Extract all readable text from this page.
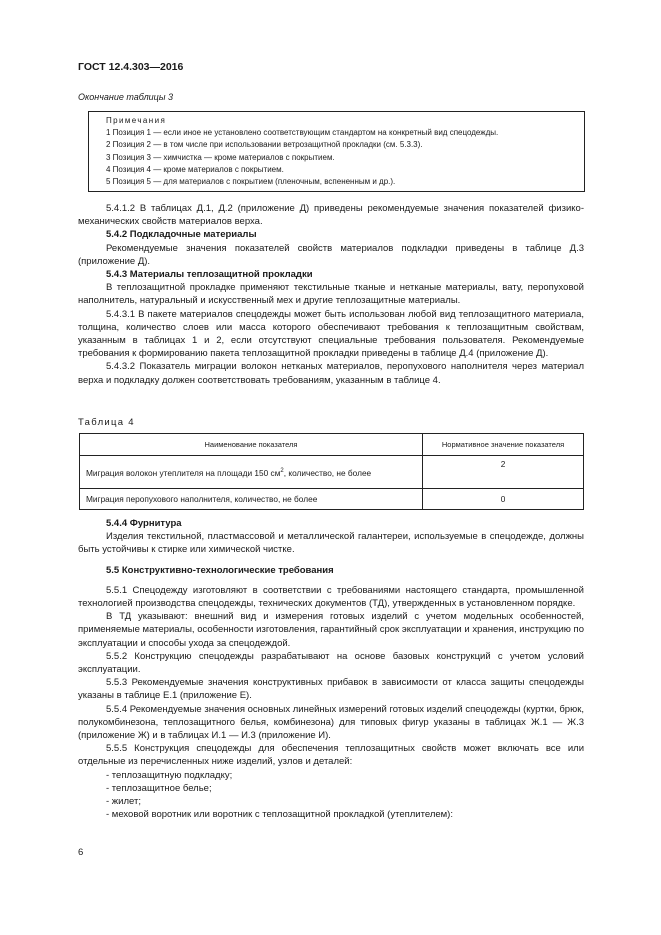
ГОСТ 12.4.303—2016
Окончание таблицы 3
Примечания
1 Позиция 1 — если иное не установлено соответствующим стандартом на конкретный вид спецодежды.
2 Позиция 2 — в том числе при использовании ветрозащитной прокладки (см. 5.3.3).
3 Позиция 3 — химчистка — кроме материалов с покрытием.
4 Позиция 4 — кроме материалов с покрытием.
5 Позиция 5 — для материалов с покрытием (пленочным, вспененным и др.).

5.4.1.2 В таблицах Д.1, Д.2 (приложение Д) приведены рекомендуемые значения показателей физико-механических свойств материалов верха.

5.4.2 Подкладочные материалы

Рекомендуемые значения показателей свойств материалов подкладки приведены в таблице Д.3 (приложение Д).

5.4.3 Материалы теплозащитной прокладки

В теплозащитной прокладке применяют текстильные тканые и нетканые материалы, вату, перопуховой наполнитель, натуральный и искусственный мех и другие теплозащитные материалы.

5.4.3.1 В пакете материалов спецодежды может быть использован любой вид теплозащитного материала, толщина, количество слоев или масса которого обеспечивают требования к теплозащитным свойствам, указанным в таблицах 1 и 2, если отсутствуют специальные требования пользователя. Рекомендуемые требования к формированию пакета теплозащитной прокладки приведены в таблице Д.4 (приложение Д).

5.4.3.2 Показатель миграции волокон нетканых материалов, перопухового наполнителя через материал верха и подкладку должен соответствовать требованиям, указанным в таблице 4.

Таблица 4
Наименование показателя	Нормативное значение показателя
Миграция волокон утеплителя на площади 150 $см^2$, количество, не более	2
Миграция перопухового наполнителя, количество, не более	0

5.4.4 Фурнитура

Изделия текстильной, пластмассовой и металлической галантереи, используемые в спецодежде, должны быть устойчивы к стирке или химической чистке.

5.5 Конструктивно-технологические требования

5.5.1 Спецодежду изготовляют в соответствии с требованиями настоящего стандарта, промышленной технологией производства спецодежды, технических документов (ТД), утвержденных в установленном порядке.

В ТД указывают: внешний вид и измерения готовых изделий с учетом модельных особенностей, применяемые материалы, особенности изготовления, гарантийный срок эксплуатации и хранения, инструкцию по эксплуатации и способы ухода за спецодеждой.

5.5.2 Конструкцию спецодежды разрабатывают на основе базовых конструкций с учетом условий эксплуатации.

5.5.3 Рекомендуемые значения конструктивных прибавок в зависимости от класса защиты спецодежды указаны в таблице Е.1 (приложение Е).

5.5.4 Рекомендуемые значения основных линейных измерений готовых изделий спецодежды (куртки, брюк, полукомбинезона, теплозащитного белья, комбинезона) для типовых фигур указаны в таблицах Ж.1 — Ж.3 (приложение Ж) и в таблицах И.1 — И.3 (приложение И).

5.5.5 Конструкция спецодежды для обеспечения теплозащитных свойств может включать все или отдельные из перечисленных ниже изделий, узлов и деталей:

- теплозащитную подкладку;

- теплозащитное белье;

- жилет;

- меховой воротник или воротник с теплозащитной прокладкой (утеплителем):

6
